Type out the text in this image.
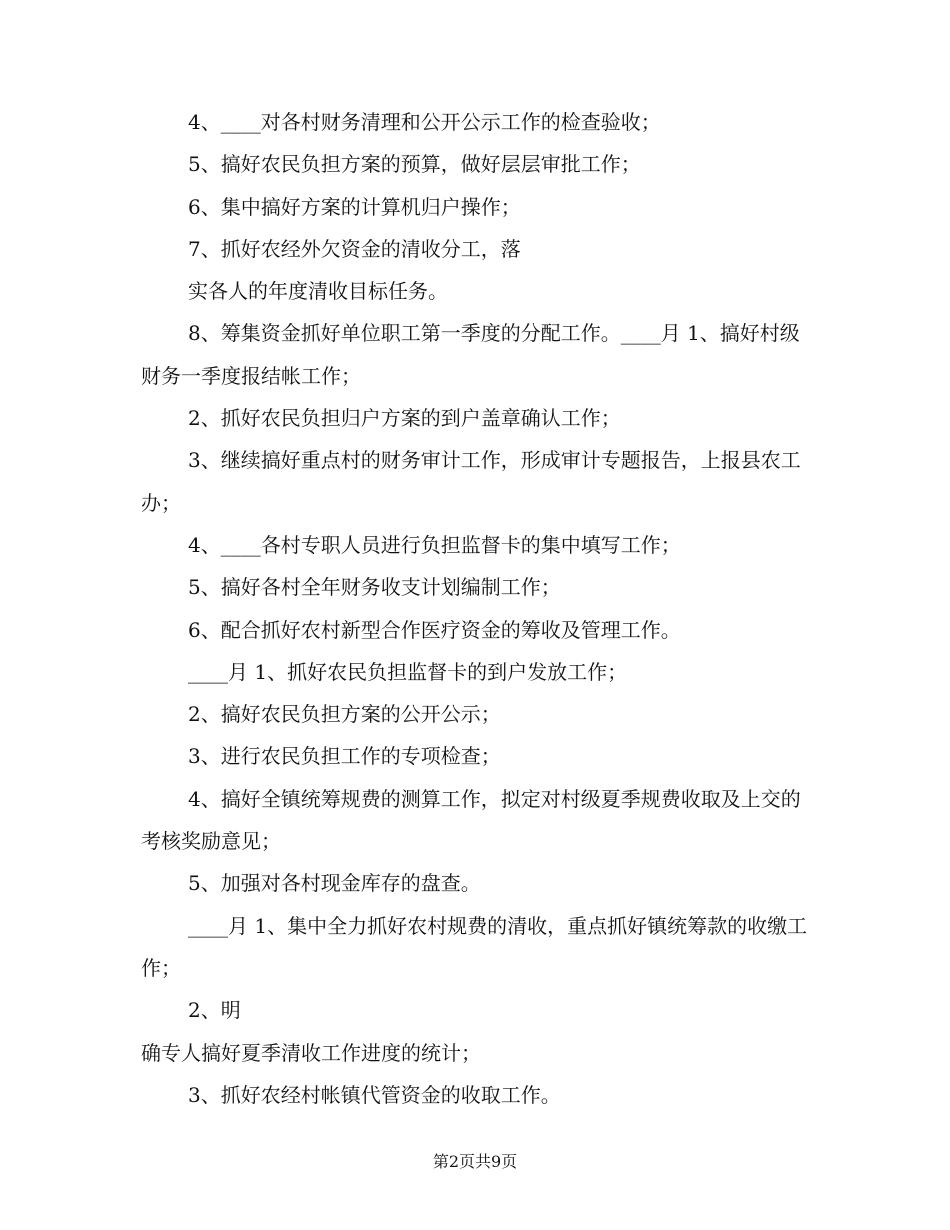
4、____对各村财务清理和公开公示工作的检查验收；

5、搞好农民负担方案的预算，做好层层审批工作；

6、集中搞好方案的计算机归户操作；

7、抓好农经外欠资金的清收分工，落

实各人的年度清收目标任务。

8、筹集资金抓好单位职工第一季度的分配工作。____月 1、搞好村级财务一季度报结帐工作；

2、抓好农民负担归户方案的到户盖章确认工作；

3、继续搞好重点村的财务审计工作，形成审计专题报告，上报县农工办；

4、____各村专职人员进行负担监督卡的集中填写工作；

5、搞好各村全年财务收支计划编制工作；

6、配合抓好农村新型合作医疗资金的筹收及管理工作。

____月 1、抓好农民负担监督卡的到户发放工作；

2、搞好农民负担方案的公开公示；

3、进行农民负担工作的专项检查；

4、搞好全镇统筹规费的测算工作，拟定对村级夏季规费收取及上交的考核奖励意见；

5、加强对各村现金库存的盘查。

____月 1、集中全力抓好农村规费的清收，重点抓好镇统筹款的收缴工作；

2、明

确专人搞好夏季清收工作进度的统计；

3、抓好农经村帐镇代管资金的收取工作。

第2页共9页
